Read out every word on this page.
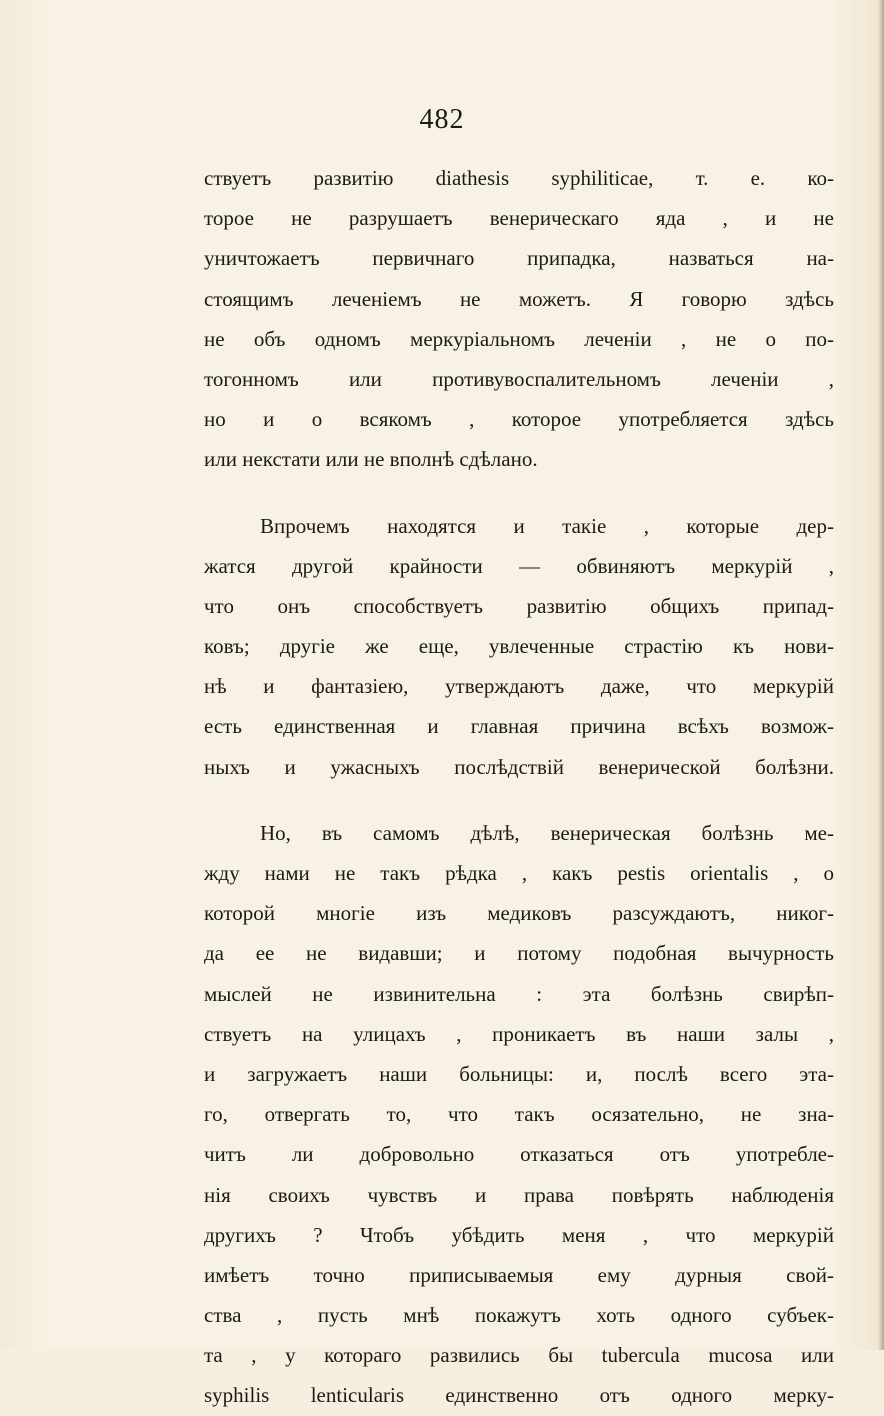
482
ствуетъ развитію diathesis syphiliticae, т. е. ко-
торое не разрушаетъ венерическаго яда , и не
уничтожаетъ первичнаго припадка, назваться на-
стоящимъ леченіемъ не можетъ. Я говорю здѣсь
не объ одномъ меркуріальномъ леченіи , не о по-
тогонномъ или противувоспалительномъ леченіи ,
но и о всякомъ , которое употребляется здѣсь
или некстати или не вполнѣ сдѣлано.
Впрочемъ находятся и такіе , которые дер-
жатся другой крайности — обвиняютъ меркурій ,
что онъ способствуетъ развитію общихъ припад-
ковъ; другіе же еще, увлеченные страстію къ нови-
нѣ и фантазіею, утверждаютъ даже, что меркурій
есть единственная и главная причина всѣхъ возмож-
ныхъ и ужасныхъ послѣдствій венерической болѣзни.
Но, въ самомъ дѣлѣ, венерическая болѣзнь ме-
жду нами не такъ рѣдка , какъ pestis orientalis , о
которой многіе изъ медиковъ разсуждаютъ, никог-
да ее не видавши; и потому подобная вычурность
мыслей не извинительна : эта болѣзнь свирѣп-
ствуетъ на улицахъ , проникаетъ въ наши залы ,
и загружаетъ наши больницы: и, послѣ всего эта-
го, отвергать то, что такъ осязательно, не зна-
читъ ли добровольно отказаться отъ употребле-
нія своихъ чувствъ и права повѣрять наблюденія
другихъ ? Чтобъ убѣдить меня , что меркурій
имѣетъ точно приписываемыя ему дурныя свой-
ства , пусть мнѣ покажутъ хоть одного субъек-
та , у котораго развились бы tubercula mucosa или
syphilis lenticularis единственно отъ одного мерку-
